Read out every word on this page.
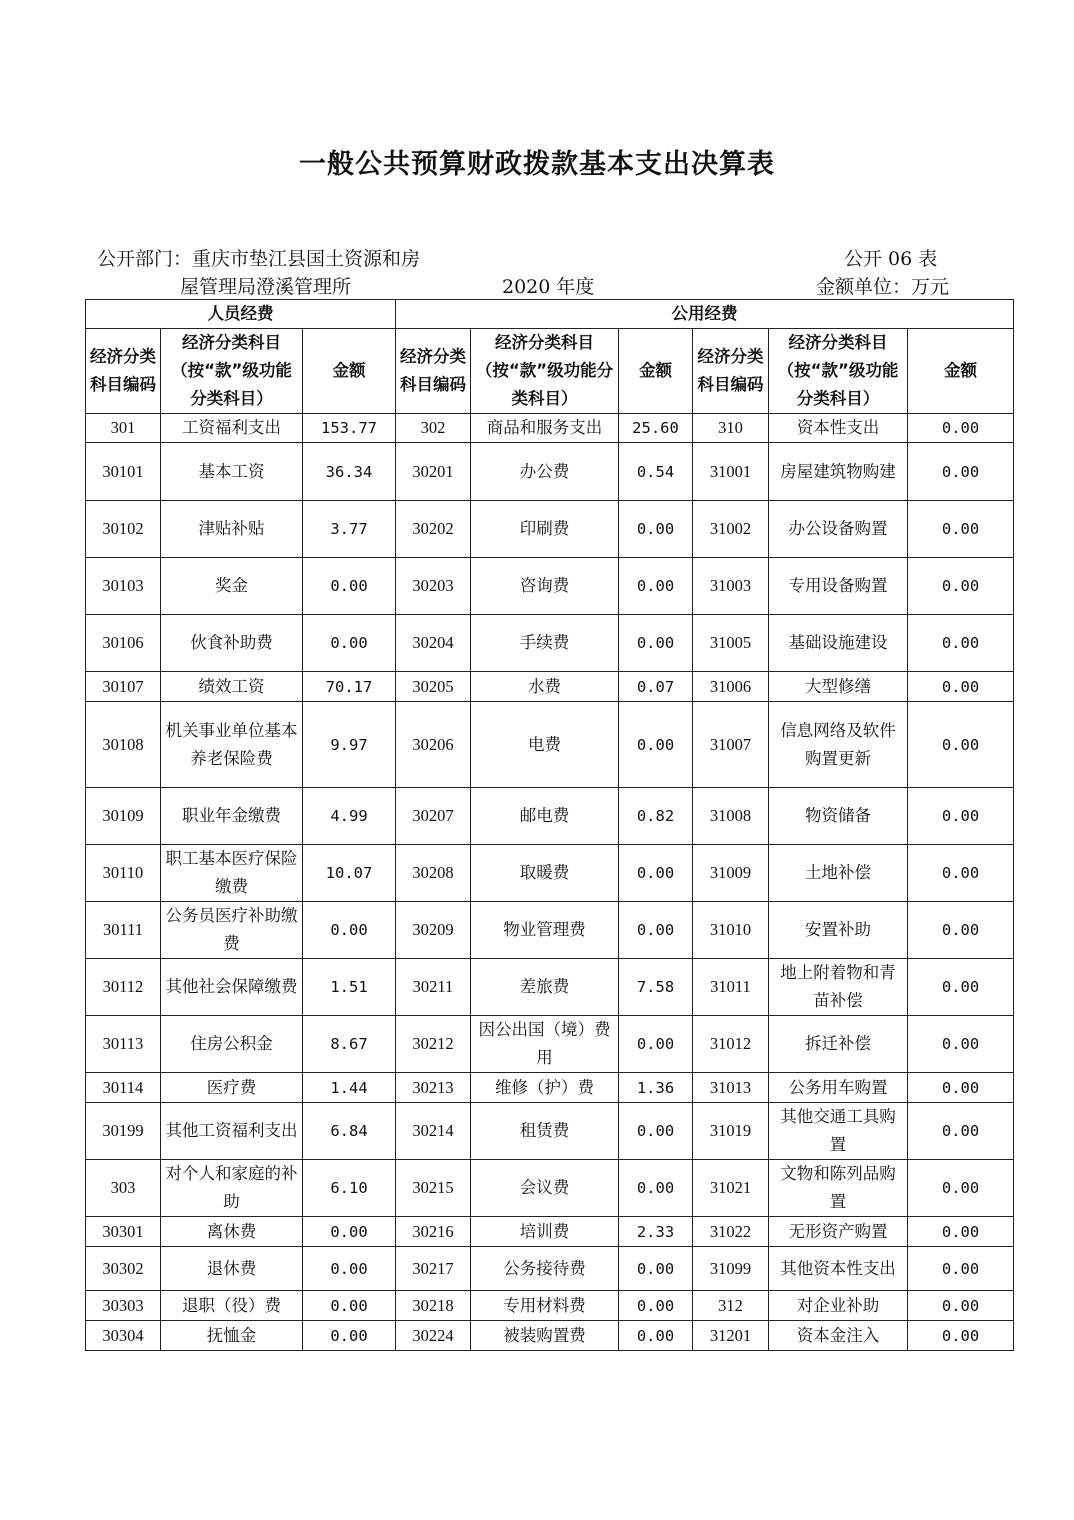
一般公共预算财政拨款基本支出决算表
公开部门：重庆市垫江县国土资源和房
屋管理局澄溪管理所	2020 年度
公开 06 表
金额单位：万元
人员经费			公用经费					
经济分类科目编码	经济分类科目（按“款”级功能分类科目）	金额	经济分类科目编码	经济分类科目（按“款”级功能分类科目）	金额	经济分类科目编码	经济分类科目（按“款”级功能分类科目）	金额
301	工资福利支出	153.77	302	商品和服务支出	25.60	310	资本性支出	0.00
30101	基本工资	36.34	30201	办公费	0.54	31001	房屋建筑物购建	0.00
30102	津贴补贴	3.77	30202	印刷费	0.00	31002	办公设备购置	0.00
30103	奖金	0.00	30203	咨询费	0.00	31003	专用设备购置	0.00
30106	伙食补助费	0.00	30204	手续费	0.00	31005	基础设施建设	0.00
30107	绩效工资	70.17	30205	水费	0.07	31006	大型修缮	0.00
30108	机关事业单位基本养老保险费	9.97	30206	电费	0.00	31007	信息网络及软件购置更新	0.00
30109	职业年金缴费	4.99	30207	邮电费	0.82	31008	物资储备	0.00
30110	职工基本医疗保险缴费	10.07	30208	取暖费	0.00	31009	土地补偿	0.00
30111	公务员医疗补助缴费	0.00	30209	物业管理费	0.00	31010	安置补助	0.00
30112	其他社会保障缴费	1.51	30211	差旅费	7.58	31011	地上附着物和青苗补偿	0.00
30113	住房公积金	8.67	30212	因公出国（境）费用	0.00	31012	拆迁补偿	0.00
30114	医疗费	1.44	30213	维修（护）费	1.36	31013	公务用车购置	0.00
30199	其他工资福利支出	6.84	30214	租赁费	0.00	31019	其他交通工具购置	0.00
303	对个人和家庭的补助	6.10	30215	会议费	0.00	31021	文物和陈列品购置	0.00
30301	离休费	0.00	30216	培训费	2.33	31022	无形资产购置	0.00
30302	退休费	0.00	30217	公务接待费	0.00	31099	其他资本性支出	0.00
30303	退职（役）费	0.00	30218	专用材料费	0.00	312	对企业补助	0.00
30304	抚恤金	0.00	30224	被装购置费	0.00	31201	资本金注入	0.00
